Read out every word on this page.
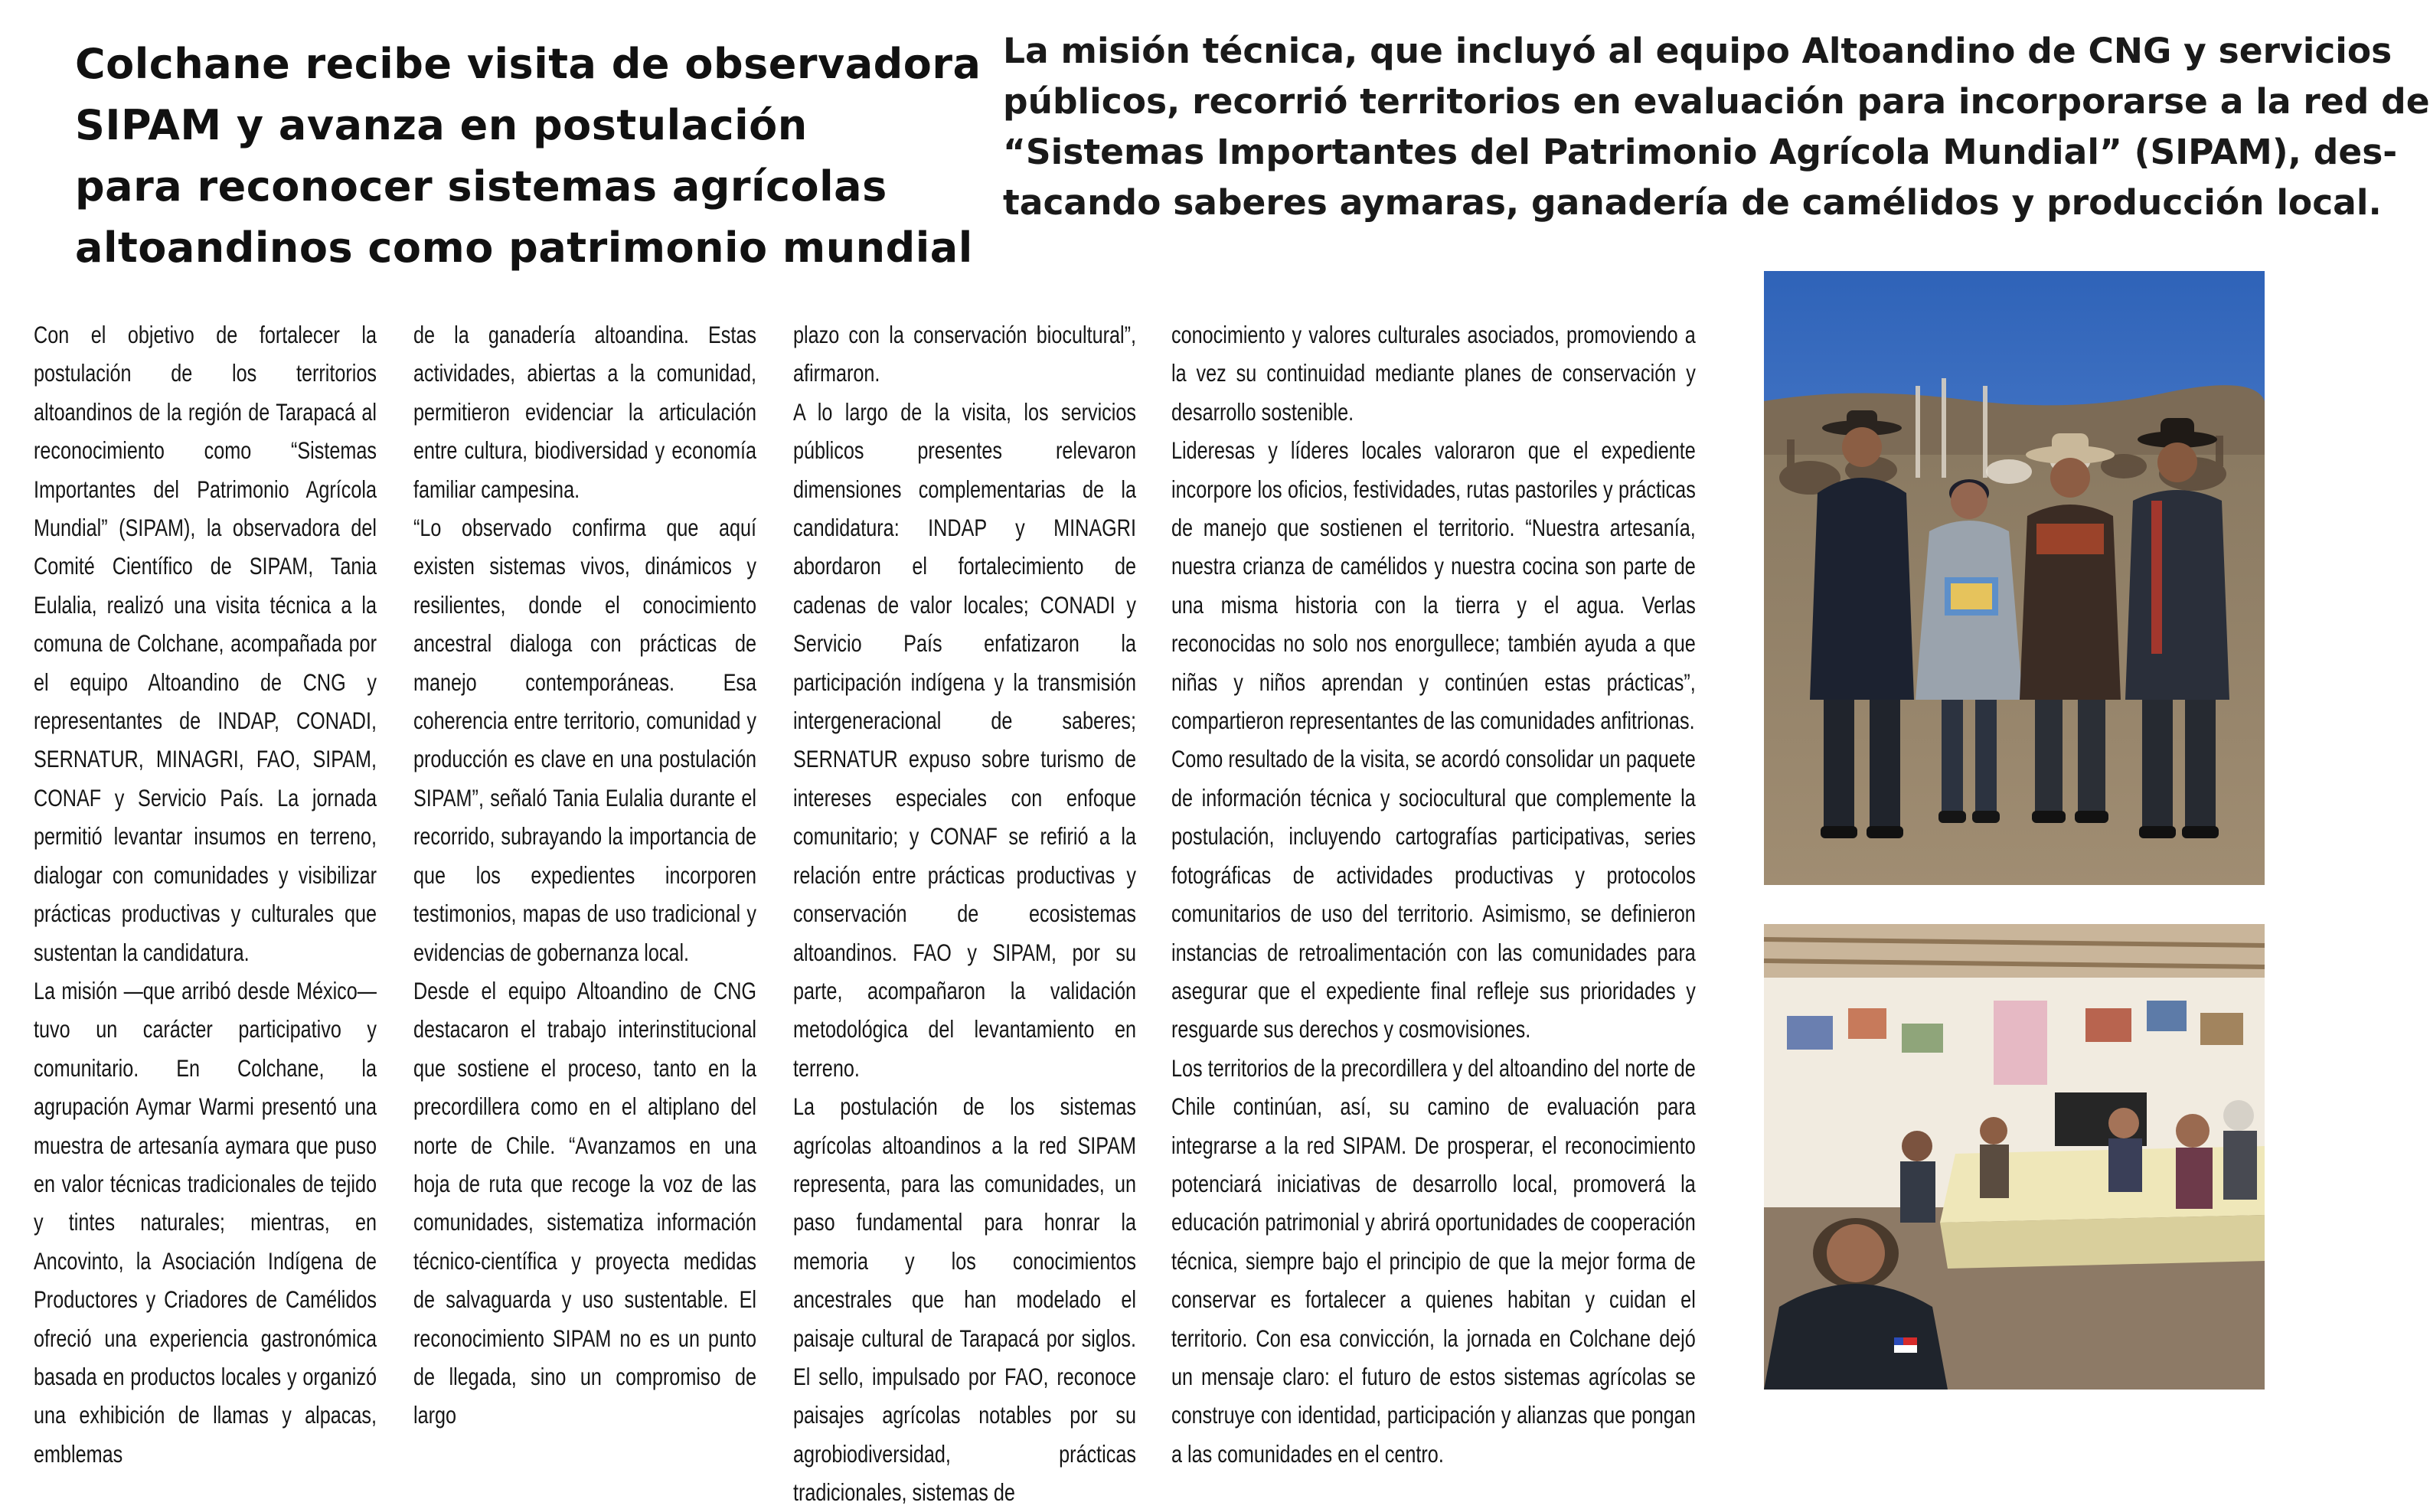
Colchane recibe visita de observadora
SIPAM y avanza en postulación
para reconocer sistemas agrícolas
altoandinos como patrimonio mundial
La misión técnica, que incluyó al equipo Altoandino de CNG y servicios
públicos, recorrió territorios en evaluación para incorporarse a la red de
“Sistemas Importantes del Patrimonio Agrícola Mundial” (SIPAM), des-
tacando saberes aymaras, ganadería de camélidos y producción local.

Con el objetivo de fortalecer la postulación de los territorios altoandinos de la región de Tarapacá al reconocimiento como “Sistemas Importantes del Patrimonio Agrícola Mundial” (SIPAM), la observadora del Comité Científico de SIPAM, Tania Eulalia, realizó una visita técnica a la comuna de Colchane, acompañada por el equipo Altoandino de CNG y representantes de INDAP, CONADI, SERNATUR, MINAGRI, FAO, SIPAM, CONAF y Servicio País. La jornada permitió levantar insumos en terreno, dialogar con comunidades y visibilizar prácticas productivas y culturales que sustentan la candidatura.

La misión —que arribó desde México— tuvo un carácter participativo y comunitario. En Colchane, la agrupación Aymar Warmi presentó una muestra de artesanía aymara que puso en valor técnicas tradicionales de tejido y tintes naturales; mientras, en Ancovinto, la Asociación Indígena de Productores y Criadores de Camélidos ofreció una experiencia gastronómica basada en productos locales y organizó una exhibición de llamas y alpacas, emblemas

de la ganadería altoandina. Estas actividades, abiertas a la comunidad, permitieron evidenciar la articulación entre cultura, biodiversidad y economía familiar campesina.

“Lo observado confirma que aquí existen sistemas vivos, dinámicos y resilientes, donde el conocimiento ancestral dialoga con prácticas de manejo contemporáneas. Esa coherencia entre territorio, comunidad y producción es clave en una postulación SIPAM”, señaló Tania Eulalia durante el recorrido, subrayando la importancia de que los expedientes incorporen testimonios, mapas de uso tradicional y evidencias de gobernanza local.

Desde el equipo Altoandino de CNG destacaron el trabajo interinstitucional que sostiene el proceso, tanto en la precordillera como en el altiplano del norte de Chile. “Avanzamos en una hoja de ruta que recoge la voz de las comunidades, sistematiza información técnico-científica y proyecta medidas de salvaguarda y uso sustentable. El reconocimiento SIPAM no es un punto de llegada, sino un compromiso de largo

plazo con la conservación biocultural”, afirmaron.

A lo largo de la visita, los servicios públicos presentes relevaron dimensiones complementarias de la candidatura: INDAP y MINAGRI abordaron el fortalecimiento de cadenas de valor locales; CONADI y Servicio País enfatizaron la participación indígena y la transmisión intergeneracional de saberes; SERNATUR expuso sobre turismo de intereses especiales con enfoque comunitario; y CONAF se refirió a la relación entre prácticas productivas y conservación de ecosistemas altoandinos. FAO y SIPAM, por su parte, acompañaron la validación metodológica del levantamiento en terreno.

La postulación de los sistemas agrícolas altoandinos a la red SIPAM representa, para las comunidades, un paso fundamental para honrar la memoria y los conocimientos ancestrales que han modelado el paisaje cultural de Tarapacá por siglos. El sello, impulsado por FAO, reconoce paisajes agrícolas notables por su agrobiodiversidad, prácticas tradicionales, sistemas de

conocimiento y valores culturales asociados, promoviendo a la vez su continuidad mediante planes de conservación y desarrollo sostenible.

Lideresas y líderes locales valoraron que el expediente incorpore los oficios, festividades, rutas pastoriles y prácticas de manejo que sostienen el territorio. “Nuestra artesanía, nuestra crianza de camélidos y nuestra cocina son parte de una misma historia con la tierra y el agua. Verlas reconocidas no solo nos enorgullece; también ayuda a que niñas y niños aprendan y continúen estas prácticas”, compartieron representantes de las comunidades anfitrionas.

Como resultado de la visita, se acordó consolidar un paquete de información técnica y sociocultural que complemente la postulación, incluyendo cartografías participativas, series fotográficas de actividades productivas y protocolos comunitarios de uso del territorio. Asimismo, se definieron instancias de retroalimentación con las comunidades para asegurar que el expediente final refleje sus prioridades y resguarde sus derechos y cosmovisiones.

Los territorios de la precordillera y del altoandino del norte de Chile continúan, así, su camino de evaluación para integrarse a la red SIPAM. De prosperar, el reconocimiento potenciará iniciativas de desarrollo local, promoverá la educación patrimonial y abrirá oportunidades de cooperación técnica, siempre bajo el principio de que la mejor forma de conservar es fortalecer a quienes habitan y cuidan el territorio. Con esa convicción, la jornada en Colchane dejó un mensaje claro: el futuro de estos sistemas agrícolas se construye con identidad, participación y alianzas que pongan a las comunidades en el centro.
